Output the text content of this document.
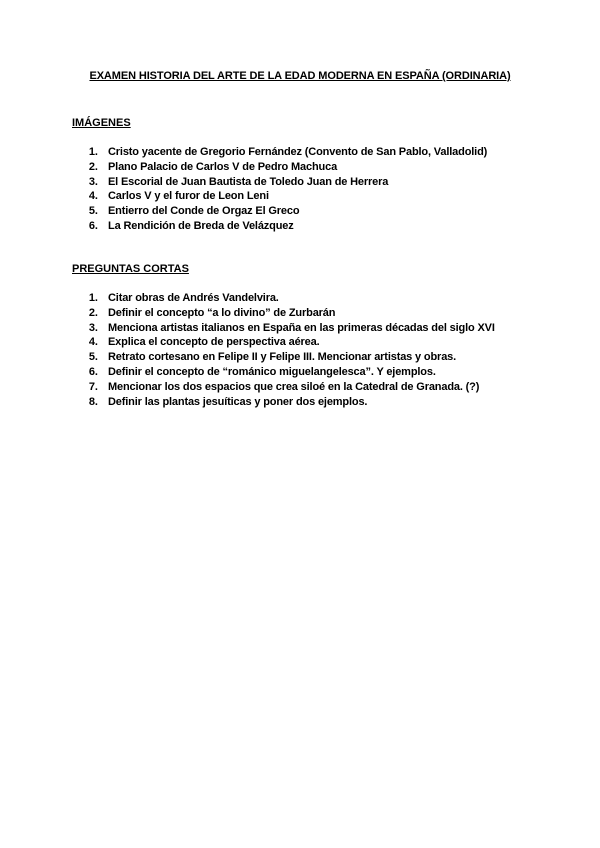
EXAMEN HISTORIA DEL ARTE DE LA EDAD MODERNA EN ESPAÑA (ORDINARIA)
IMÁGENES
1. Cristo yacente de Gregorio Fernández (Convento de San Pablo, Valladolid)
2. Plano Palacio de Carlos V de Pedro Machuca
3. El Escorial de Juan Bautista de Toledo Juan de Herrera
4. Carlos V y el furor de Leon Leni
5. Entierro del Conde de Orgaz El Greco
6. La Rendición de Breda de Velázquez
PREGUNTAS CORTAS
1. Citar obras de Andrés Vandelvira.
2. Definir el concepto “a lo divino” de Zurbarán
3. Menciona artistas italianos en España en las primeras décadas del siglo XVI
4. Explica el concepto de perspectiva aérea.
5. Retrato cortesano en Felipe II y Felipe III. Mencionar artistas y obras.
6. Definir el concepto de “románico miguelangelesca”. Y ejemplos.
7. Mencionar los dos espacios que crea siloé en la Catedral de Granada. (?)
8. Definir las plantas jesuíticas y poner dos ejemplos.
